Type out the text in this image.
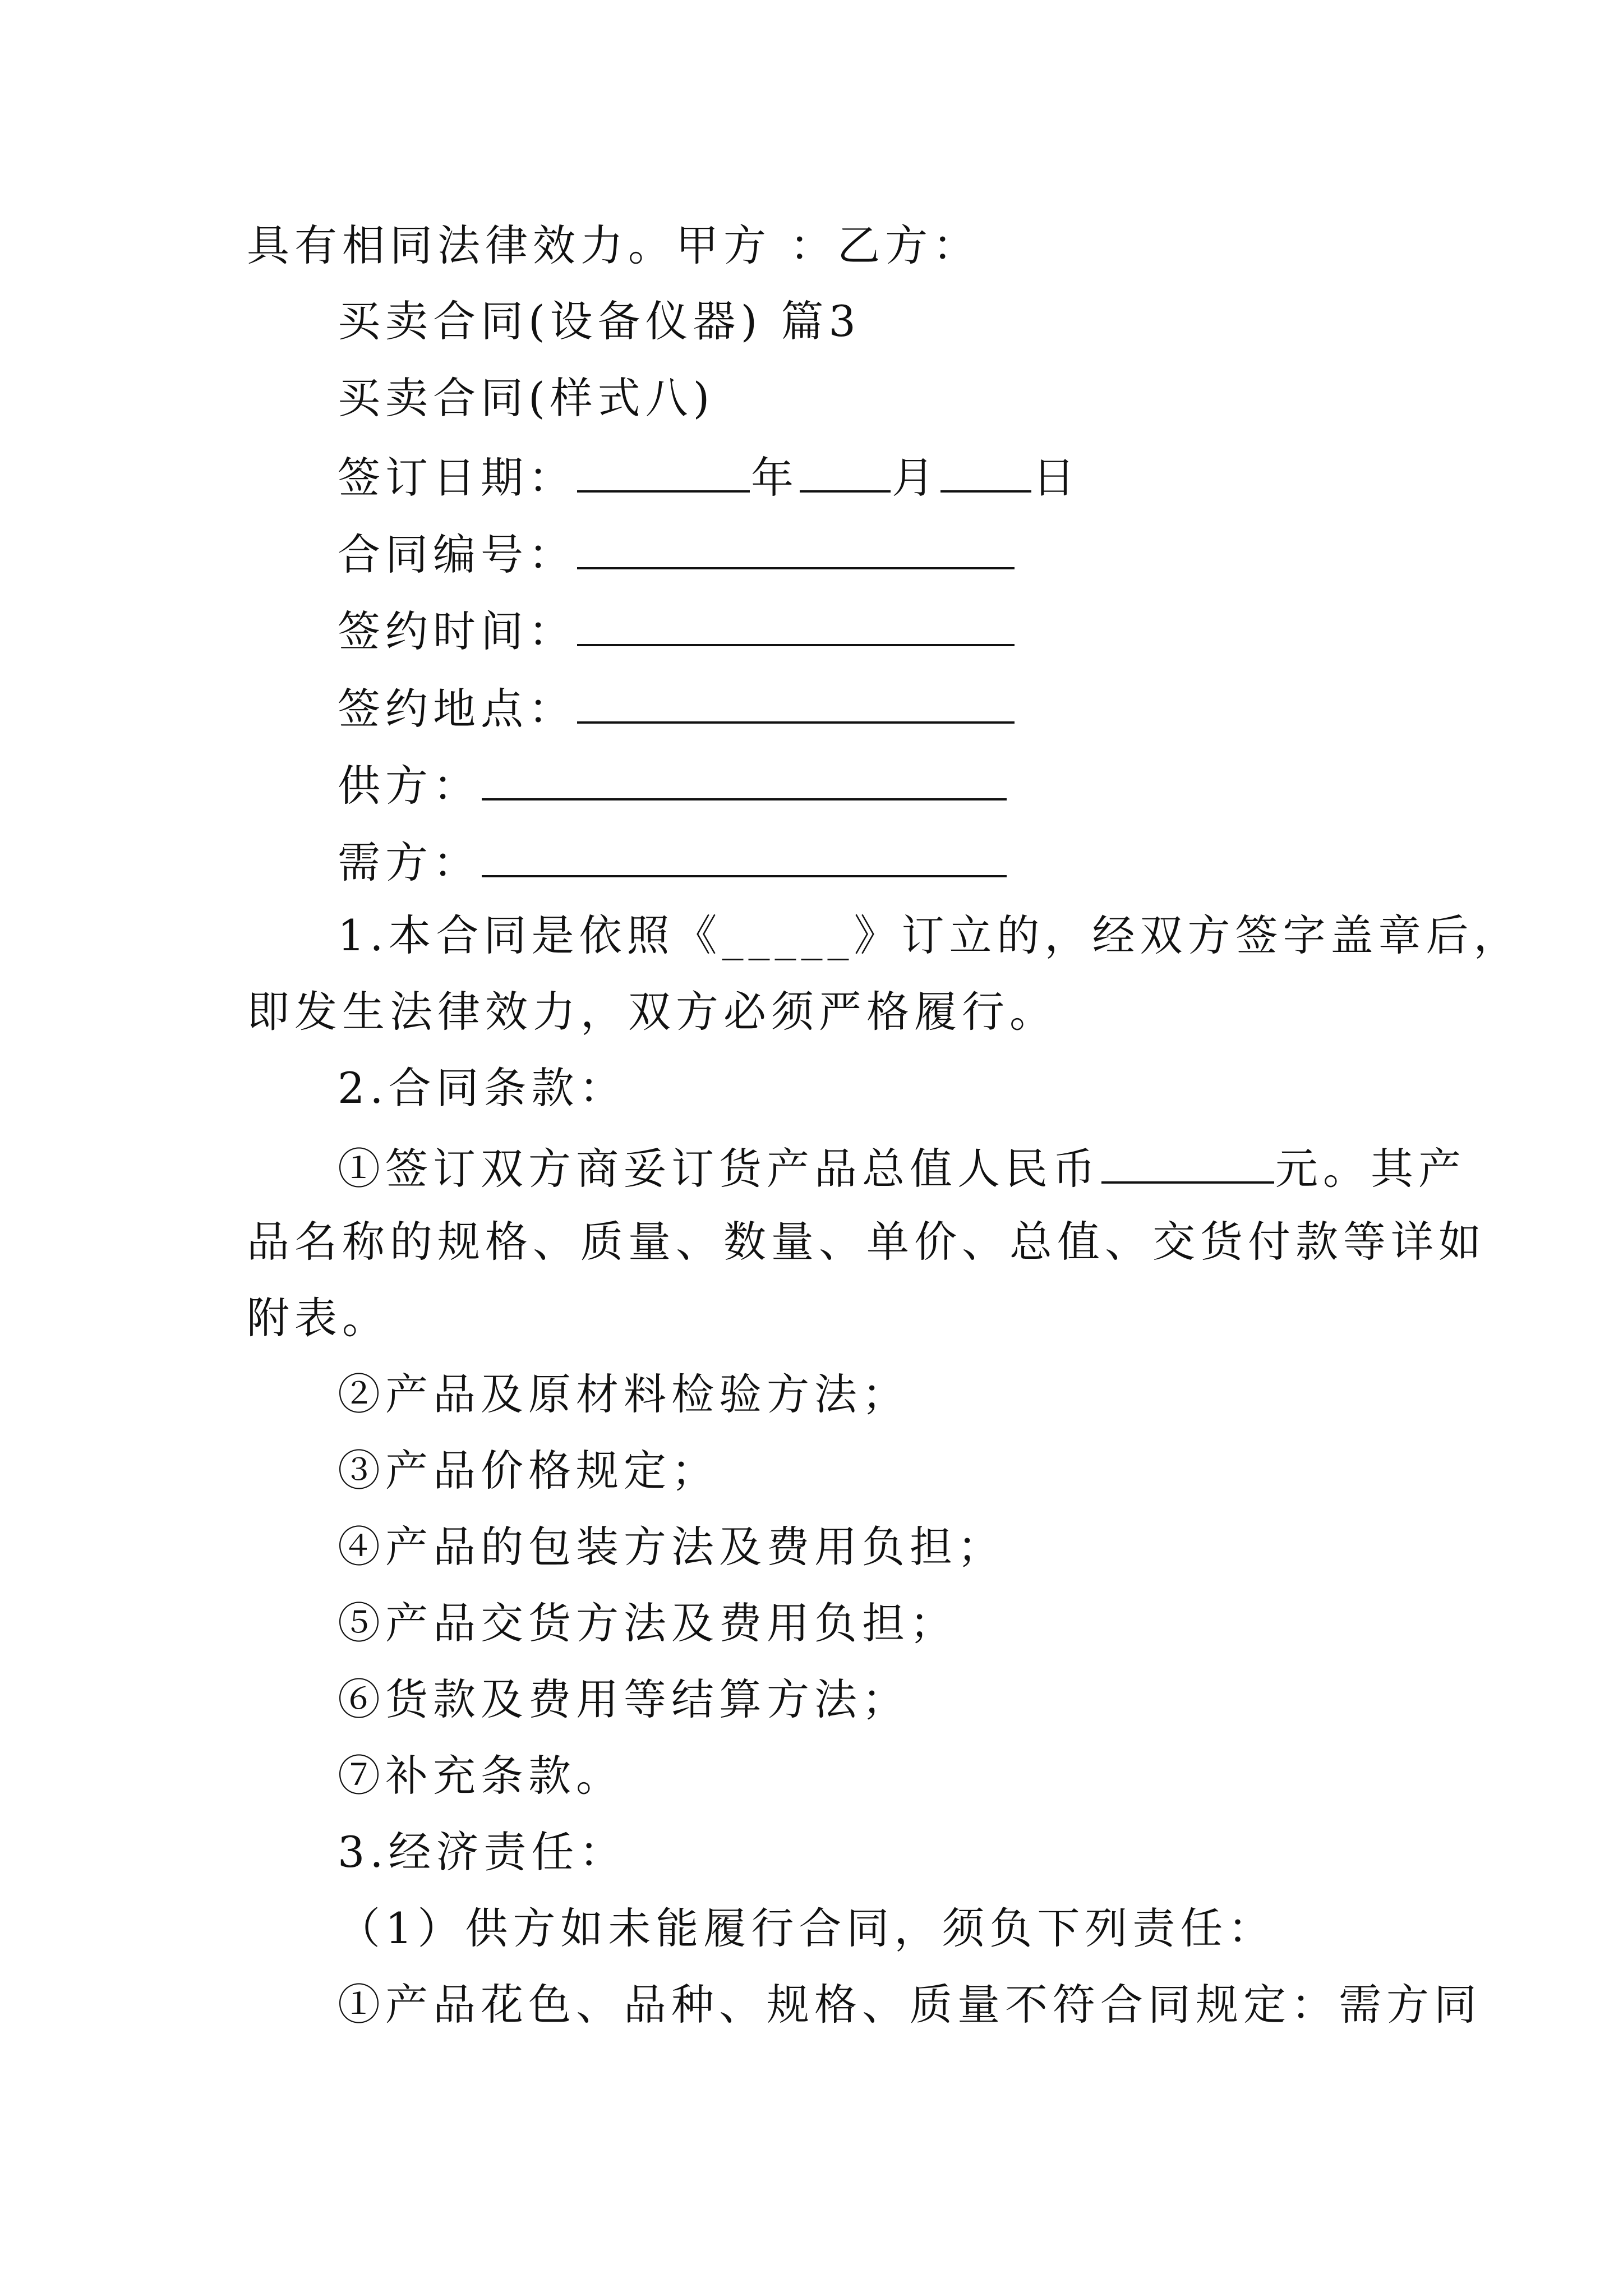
具有相同法律效力。甲方 ：乙方：
买卖合同(设备仪器) 篇3
买卖合同(样式八)
签订日期：	年 月 日
合同编号：
签约时间：
签约地点：
供方：
需方：
1.本合同是依照《_____》订立的，经双方签字盖章后，
即发生法律效力，双方必须严格履行。
2.合同条款：
①签订双方商妥订货产品总值人民币	元。其产
品名称的规格、质量、数量、单价、总值、交货付款等详如
附表。
②产品及原材料检验方法；
③产品价格规定；
④产品的包装方法及费用负担；
⑤产品交货方法及费用负担；
⑥货款及费用等结算方法；
⑦补充条款。
3.经济责任：
（1）供方如未能履行合同，须负下列责任：
①产品花色、品种、规格、质量不符合同规定：需方同
